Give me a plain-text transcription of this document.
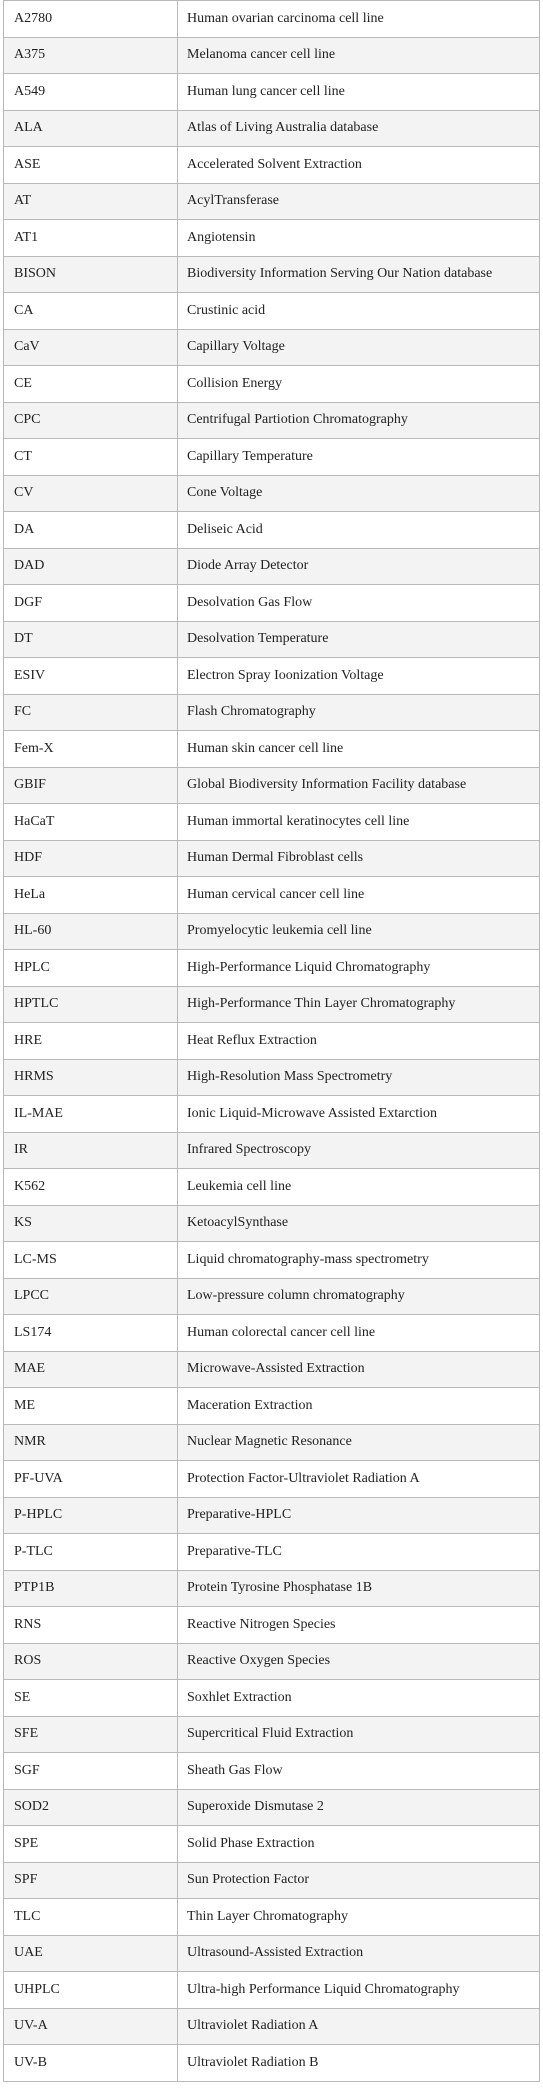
A2780	Human ovarian carcinoma cell line
A375	Melanoma cancer cell line
A549	Human lung cancer cell line
ALA	Atlas of Living Australia database
ASE	Accelerated Solvent Extraction
AT	AcylTransferase
AT1	Angiotensin
BISON	Biodiversity Information Serving Our Nation database
CA	Crustinic acid
CaV	Capillary Voltage
CE	Collision Energy
CPC	Centrifugal Partiotion Chromatography
CT	Capillary Temperature
CV	Cone Voltage
DA	Deliseic Acid
DAD	Diode Array Detector
DGF	Desolvation Gas Flow
DT	Desolvation Temperature
ESIV	Electron Spray Ioonization Voltage
FC	Flash Chromatography
Fem-X	Human skin cancer cell line
GBIF	Global Biodiversity Information Facility database
HaCaT	Human immortal keratinocytes cell line
HDF	Human Dermal Fibroblast cells
HeLa	Human cervical cancer cell line
HL-60	Promyelocytic leukemia cell line
HPLC	High-Performance Liquid Chromatography
HPTLC	High-Performance Thin Layer Chromatography
HRE	Heat Reflux Extraction
HRMS	High-Resolution Mass Spectrometry
IL-MAE	Ionic Liquid-Microwave Assisted Extarction
IR	Infrared Spectroscopy
K562	Leukemia cell line
KS	KetoacylSynthase
LC-MS	Liquid chromatography-mass spectrometry
LPCC	Low-pressure column chromatography
LS174	Human colorectal cancer cell line
MAE	Microwave-Assisted Extraction
ME	Maceration Extraction
NMR	Nuclear Magnetic Resonance
PF-UVA	Protection Factor-Ultraviolet Radiation A
P-HPLC	Preparative-HPLC
P-TLC	Preparative-TLC
PTP1B	Protein Tyrosine Phosphatase 1B
RNS	Reactive Nitrogen Species
ROS	Reactive Oxygen Species
SE	Soxhlet Extraction
SFE	Supercritical Fluid Extraction
SGF	Sheath Gas Flow
SOD2	Superoxide Dismutase 2
SPE	Solid Phase Extraction
SPF	Sun Protection Factor
TLC	Thin Layer Chromatography
UAE	Ultrasound-Assisted Extraction
UHPLC	Ultra-high Performance Liquid Chromatography
UV-A	Ultraviolet Radiation A
UV-B	Ultraviolet Radiation B
